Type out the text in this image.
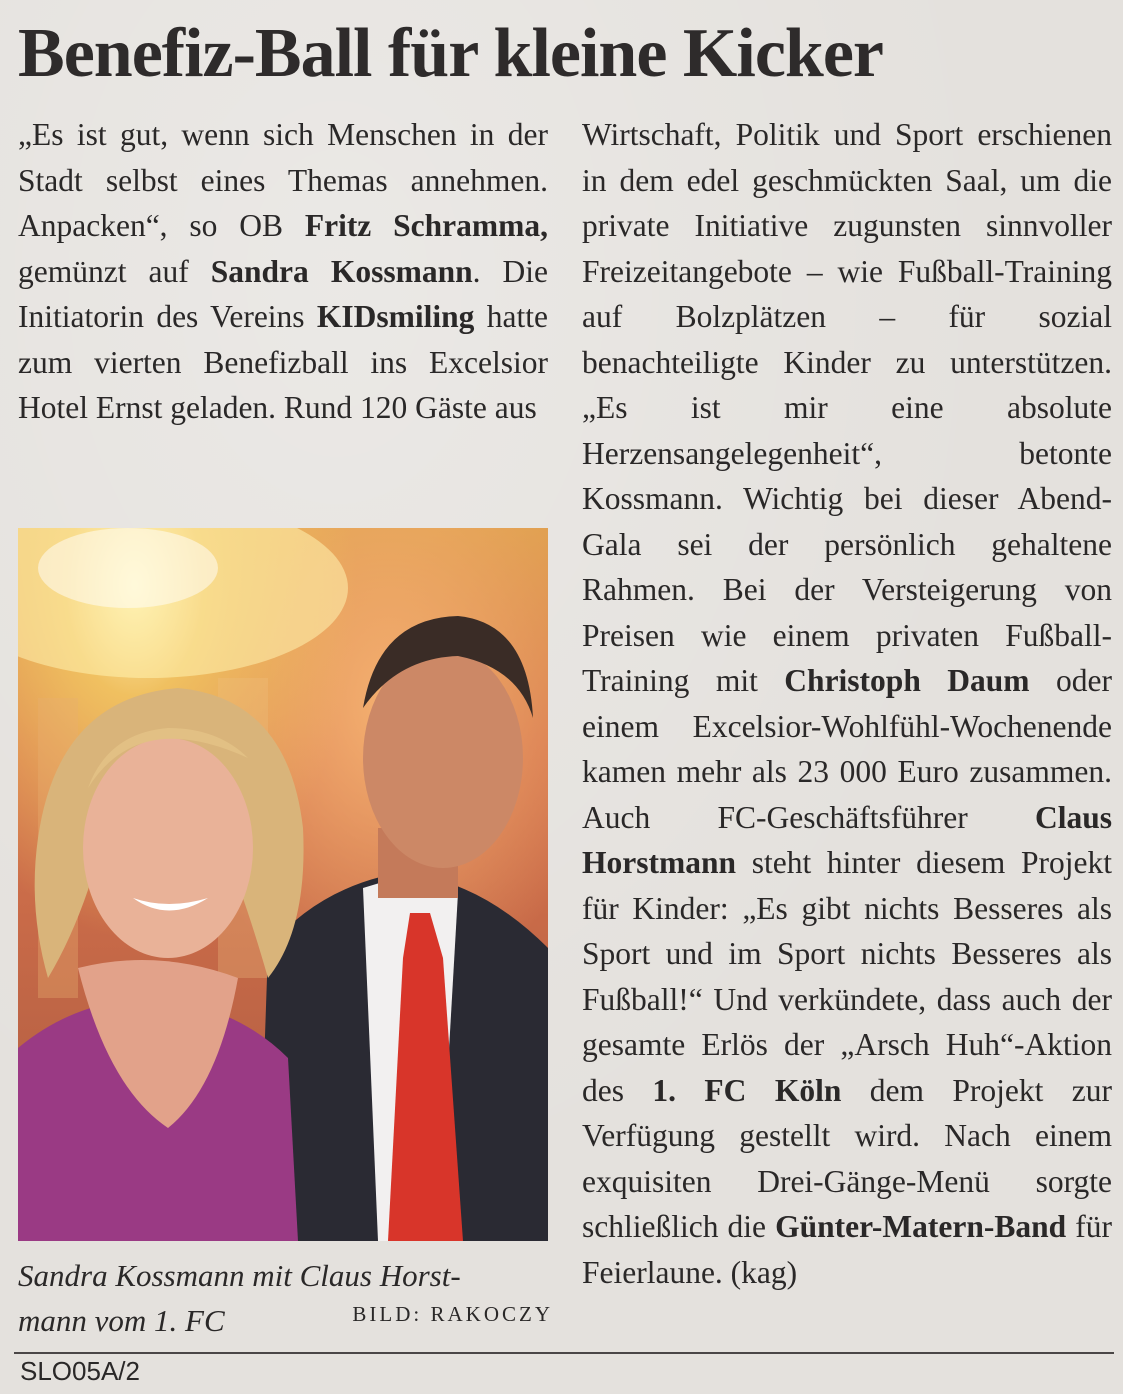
Benefiz-Ball für kleine Kicker

„Es ist gut, wenn sich Menschen in der Stadt selbst eines Themas annehmen. Anpacken“, so OB Fritz Schramma, gemünzt auf Sandra Kossmann. Die Initiatorin des Vereins KIDsmiling hatte zum vierten Benefizball ins Excelsior Hotel Ernst geladen. Rund 120 Gäste aus

Sandra Kossmann mit Claus Horst-
mann vom 1. FC	BILD: RAKOCZY

Wirtschaft, Politik und Sport erschienen in dem edel geschmückten Saal, um die private Initiative zugunsten sinnvoller Freizeitangebote – wie Fußball-Training auf Bolzplätzen – für sozial benachteiligte Kinder zu unterstützen. „Es ist mir eine absolute Herzensangelegenheit“, betonte Kossmann. Wichtig bei dieser Abend-Gala sei der persönlich gehaltene Rahmen. Bei der Versteigerung von Preisen wie einem privaten Fußball-Training mit Christoph Daum oder einem Excelsior-Wohlfühl-Wochenende kamen mehr als 23 000 Euro zusammen. Auch FC-Geschäftsführer Claus Horstmann steht hinter diesem Projekt für Kinder: „Es gibt nichts Besseres als Sport und im Sport nichts Besseres als Fußball!“ Und verkündete, dass auch der gesamte Erlös der „Arsch Huh“-Aktion des 1. FC Köln dem Projekt zur Verfügung gestellt wird. Nach einem exquisiten Drei-Gänge-Menü sorgte schließlich die Günter-Matern-Band für Feierlaune. (kag)

SLO05A/2
